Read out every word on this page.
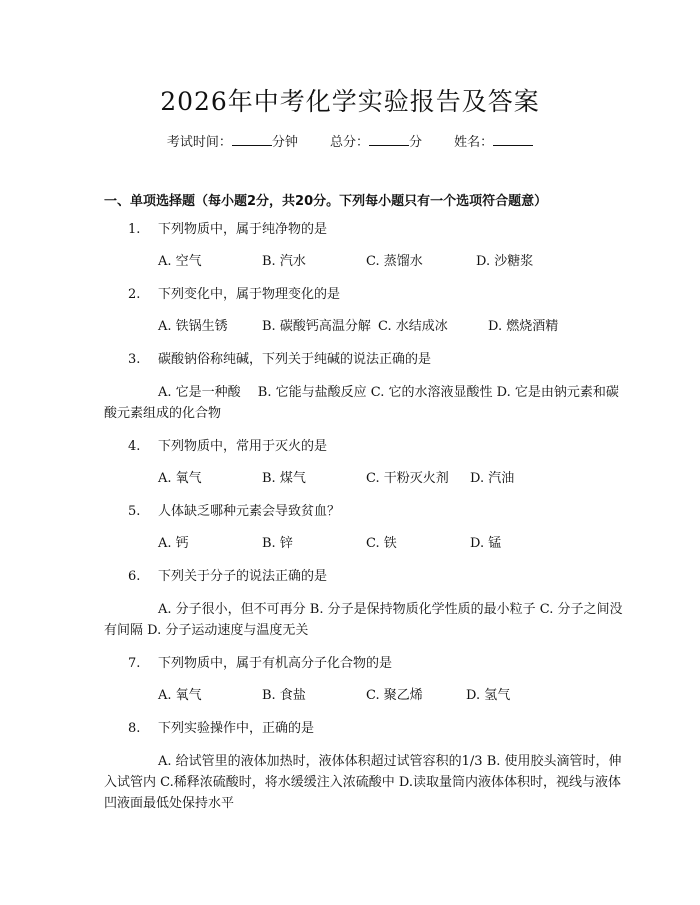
2026年中考化学实验报告及答案
考试时间：	分钟 总分：	分 姓名：
一、单项选择题（每小题2分，共20分。下列每小题只有一个选项符合题意）
1. 下列物质中，属于纯净物的是
A. 空气	B. 汽水	C. 蒸馏水	D. 沙糖浆
2. 下列变化中，属于物理变化的是
A. 铁锅生锈	B. 碳酸钙高温分解 C. 水结成冰	D. 燃烧酒精
3. 碳酸钠俗称纯碱，下列关于纯碱的说法正确的是
A. 它是一种酸　 B. 它能与盐酸反应 C. 它的水溶液显酸性 D. 它是由钠元素和碳酸元素组成的化合物
4. 下列物质中，常用于灭火的是
A. 氧气	B. 煤气	C. 干粉灭火剂 D. 汽油
5. 人体缺乏哪种元素会导致贫血？
A. 钙	B. 锌	C. 铁	D. 锰
6. 下列关于分子的说法正确的是
A. 分子很小，但不可再分 B. 分子是保持物质化学性质的最小粒子 C. 分子之间没有间隔 D. 分子运动速度与温度无关
7. 下列物质中，属于有机高分子化合物的是
A. 氧气	B. 食盐	C. 聚乙烯	D. 氢气
8. 下列实验操作中，正确的是
A. 给试管里的液体加热时，液体体积超过试管容积的1/3 B. 使用胶头滴管时，伸入试管内 C.稀释浓硫酸时，将水缓缓注入浓硫酸中 D.读取量筒内液体体积时，视线与液体凹液面最低处保持水平
